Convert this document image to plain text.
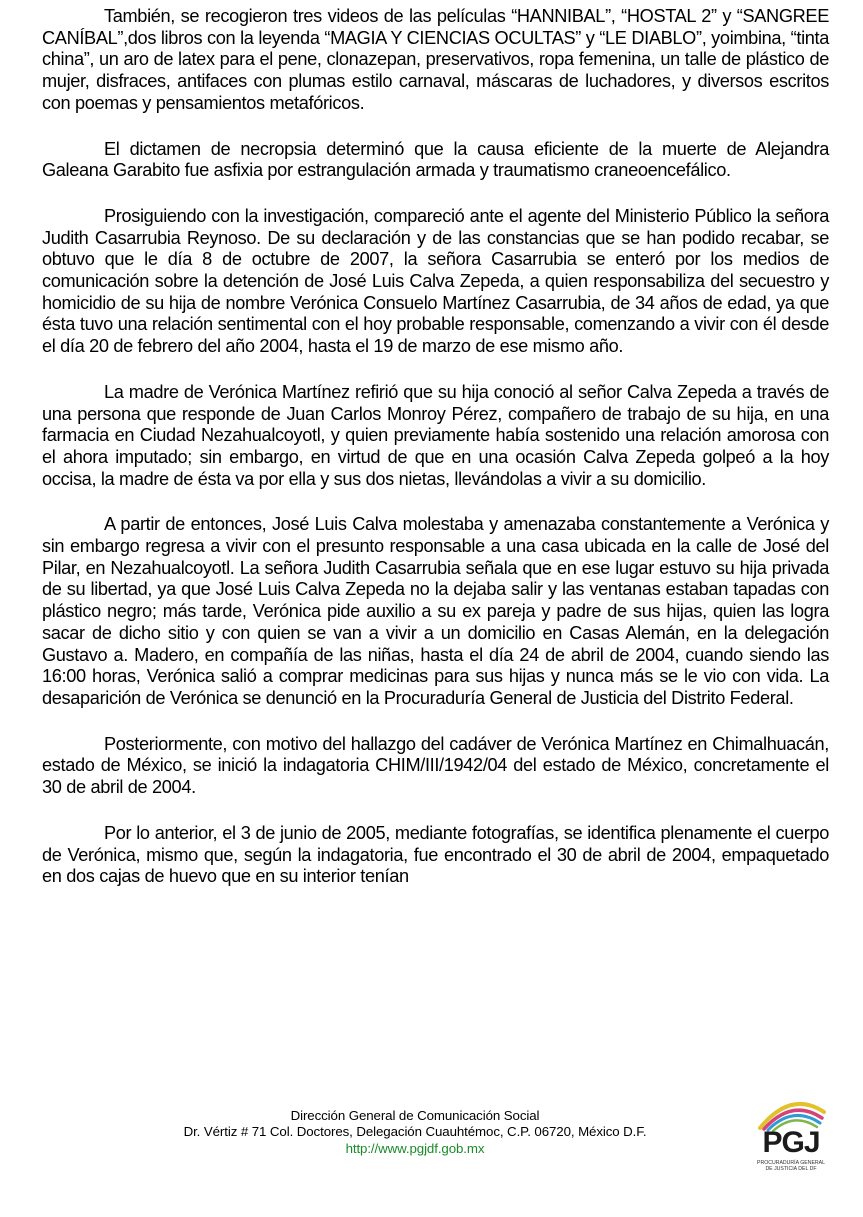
También, se recogieron tres videos de las películas “HANNIBAL”, “HOSTAL 2” y “SANGREE CANÍBAL”,dos libros con la leyenda “MAGIA Y CIENCIAS OCULTAS” y “LE DIABLO”, yoimbina, “tinta china”, un aro de latex para el pene, clonazepan, preservativos, ropa femenina, un talle de plástico de mujer, disfraces, antifaces con plumas estilo carnaval, máscaras de luchadores, y diversos escritos con poemas y pensamientos metafóricos.

El dictamen de necropsia determinó que la causa eficiente de la muerte de Alejandra Galeana Garabito fue asfixia por estrangulación armada y traumatismo craneoencefálico.

Prosiguiendo con la investigación, compareció ante el agente del Ministerio Público la señora Judith Casarrubia Reynoso. De su declaración y de las constancias que se han podido recabar, se obtuvo que le día 8 de octubre de 2007, la señora Casarrubia se enteró por los medios de comunicación sobre la detención de José Luis Calva Zepeda, a quien responsabiliza del secuestro y homicidio de su hija de nombre Verónica Consuelo Martínez Casarrubia, de 34 años de edad, ya que ésta tuvo una relación sentimental con el hoy probable responsable, comenzando a vivir con él desde el día 20 de febrero del año 2004, hasta el 19 de marzo de ese mismo año.

La madre de Verónica Martínez refirió que su hija conoció al señor Calva Zepeda a través de una persona que responde de Juan Carlos Monroy Pérez, compañero de trabajo de su hija, en una farmacia en Ciudad Nezahualcoyotl, y quien previamente había sostenido una relación amorosa con el ahora imputado; sin embargo, en virtud de que en una ocasión Calva Zepeda golpeó a la hoy occisa, la madre de ésta va por ella y sus dos nietas, llevándolas a vivir a su domicilio.

A partir de entonces, José Luis Calva molestaba y amenazaba constantemente a Verónica y sin embargo regresa a vivir con el presunto responsable a una casa ubicada en la calle de José del Pilar, en Nezahualcoyotl. La señora Judith Casarrubia señala que en ese lugar estuvo su hija privada de su libertad, ya que José Luis Calva Zepeda no la dejaba salir y las ventanas estaban tapadas con plástico negro; más tarde, Verónica pide auxilio a su ex pareja y padre de sus hijas, quien las logra sacar de dicho sitio y con quien se van a vivir a un domicilio en Casas Alemán, en la delegación Gustavo a. Madero, en compañía de las niñas, hasta el día 24 de abril de 2004, cuando siendo las 16:00 horas, Verónica salió a comprar medicinas para sus hijas y nunca más se le vio con vida. La desaparición de Verónica se denunció en la Procuraduría General de Justicia del Distrito Federal.

Posteriormente, con motivo del hallazgo del cadáver de Verónica Martínez en Chimalhuacán, estado de México, se inició la indagatoria CHIM/III/1942/04 del estado de México, concretamente el 30 de abril de 2004.

Por lo anterior, el 3 de junio de 2005, mediante fotografías, se identifica plenamente el cuerpo de Verónica, mismo que, según la indagatoria, fue encontrado el 30 de abril de 2004, empaquetado en dos cajas de huevo que en su interior tenían

Dirección General de Comunicación Social
Dr. Vértiz # 71 Col. Doctores, Delegación Cuauhtémoc, C.P. 06720, México D.F.
http://www.pgjdf.gob.mx	PGJ
PROCURADURÍA GENERAL
DE JUSTICIA DEL DF
